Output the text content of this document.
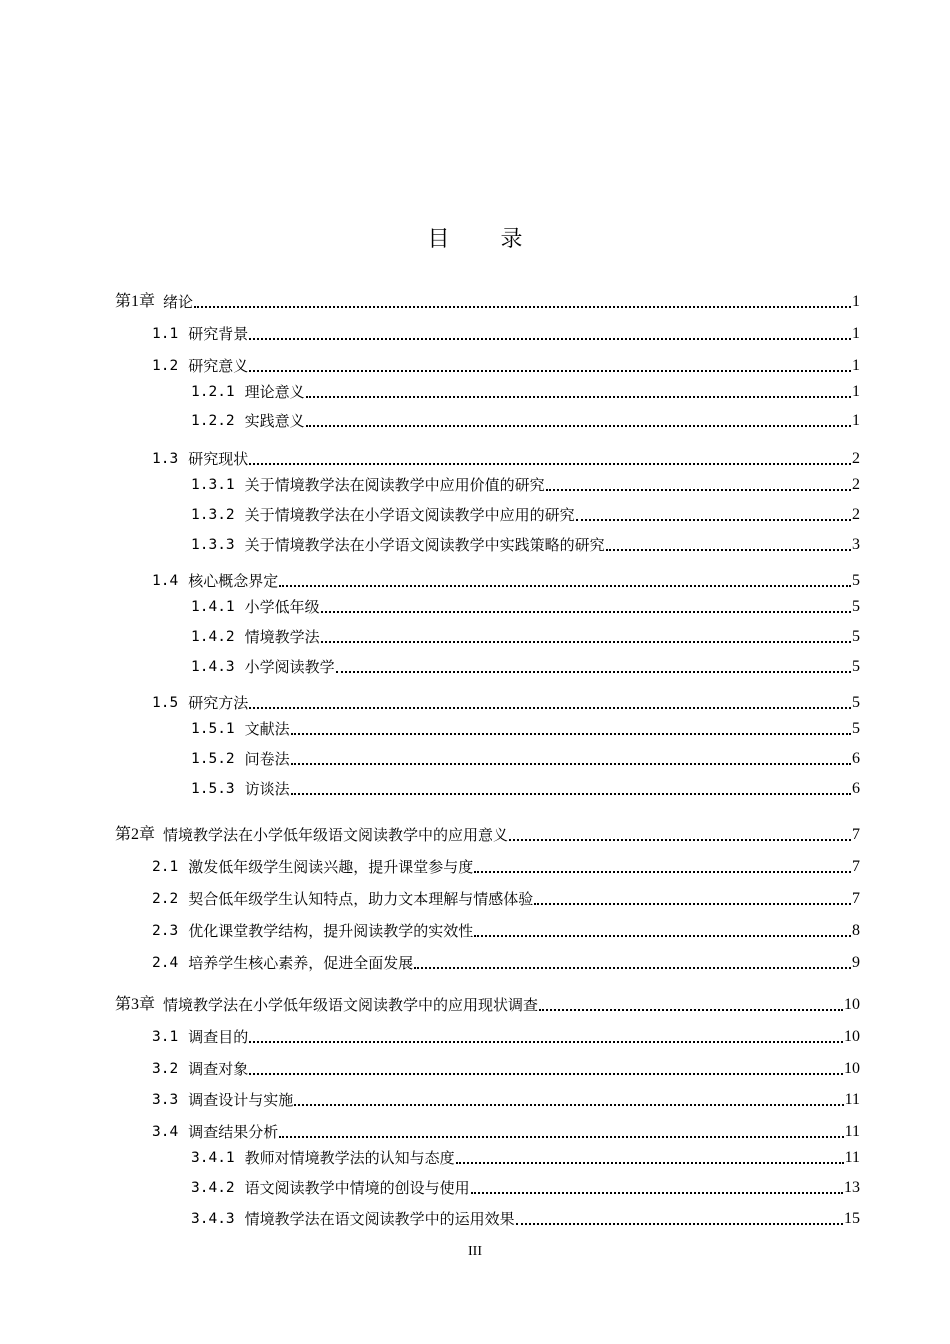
目 录
第1章 绪论	1
1.1 研究背景	1
1.2 研究意义	1
1.2.1 理论意义	1
1.2.2 实践意义	1
1.3 研究现状	2
1.3.1 关于情境教学法在阅读教学中应用价值的研究	2
1.3.2 关于情境教学法在小学语文阅读教学中应用的研究	2
1.3.3 关于情境教学法在小学语文阅读教学中实践策略的研究	3
1.4 核心概念界定	5
1.4.1 小学低年级	5
1.4.2 情境教学法	5
1.4.3 小学阅读教学	5
1.5 研究方法	5
1.5.1 文献法	5
1.5.2 问卷法	6
1.5.3 访谈法	6
第2章 情境教学法在小学低年级语文阅读教学中的应用意义	7
2.1 激发低年级学生阅读兴趣，提升课堂参与度	7
2.2 契合低年级学生认知特点，助力文本理解与情感体验	7
2.3 优化课堂教学结构，提升阅读教学的实效性	8
2.4 培养学生核心素养，促进全面发展	9
第3章 情境教学法在小学低年级语文阅读教学中的应用现状调查	10
3.1 调查目的	10
3.2 调查对象	10
3.3 调查设计与实施	11
3.4 调查结果分析	11
3.4.1 教师对情境教学法的认知与态度	11
3.4.2 语文阅读教学中情境的创设与使用	13
3.4.3 情境教学法在语文阅读教学中的运用效果	15
III
